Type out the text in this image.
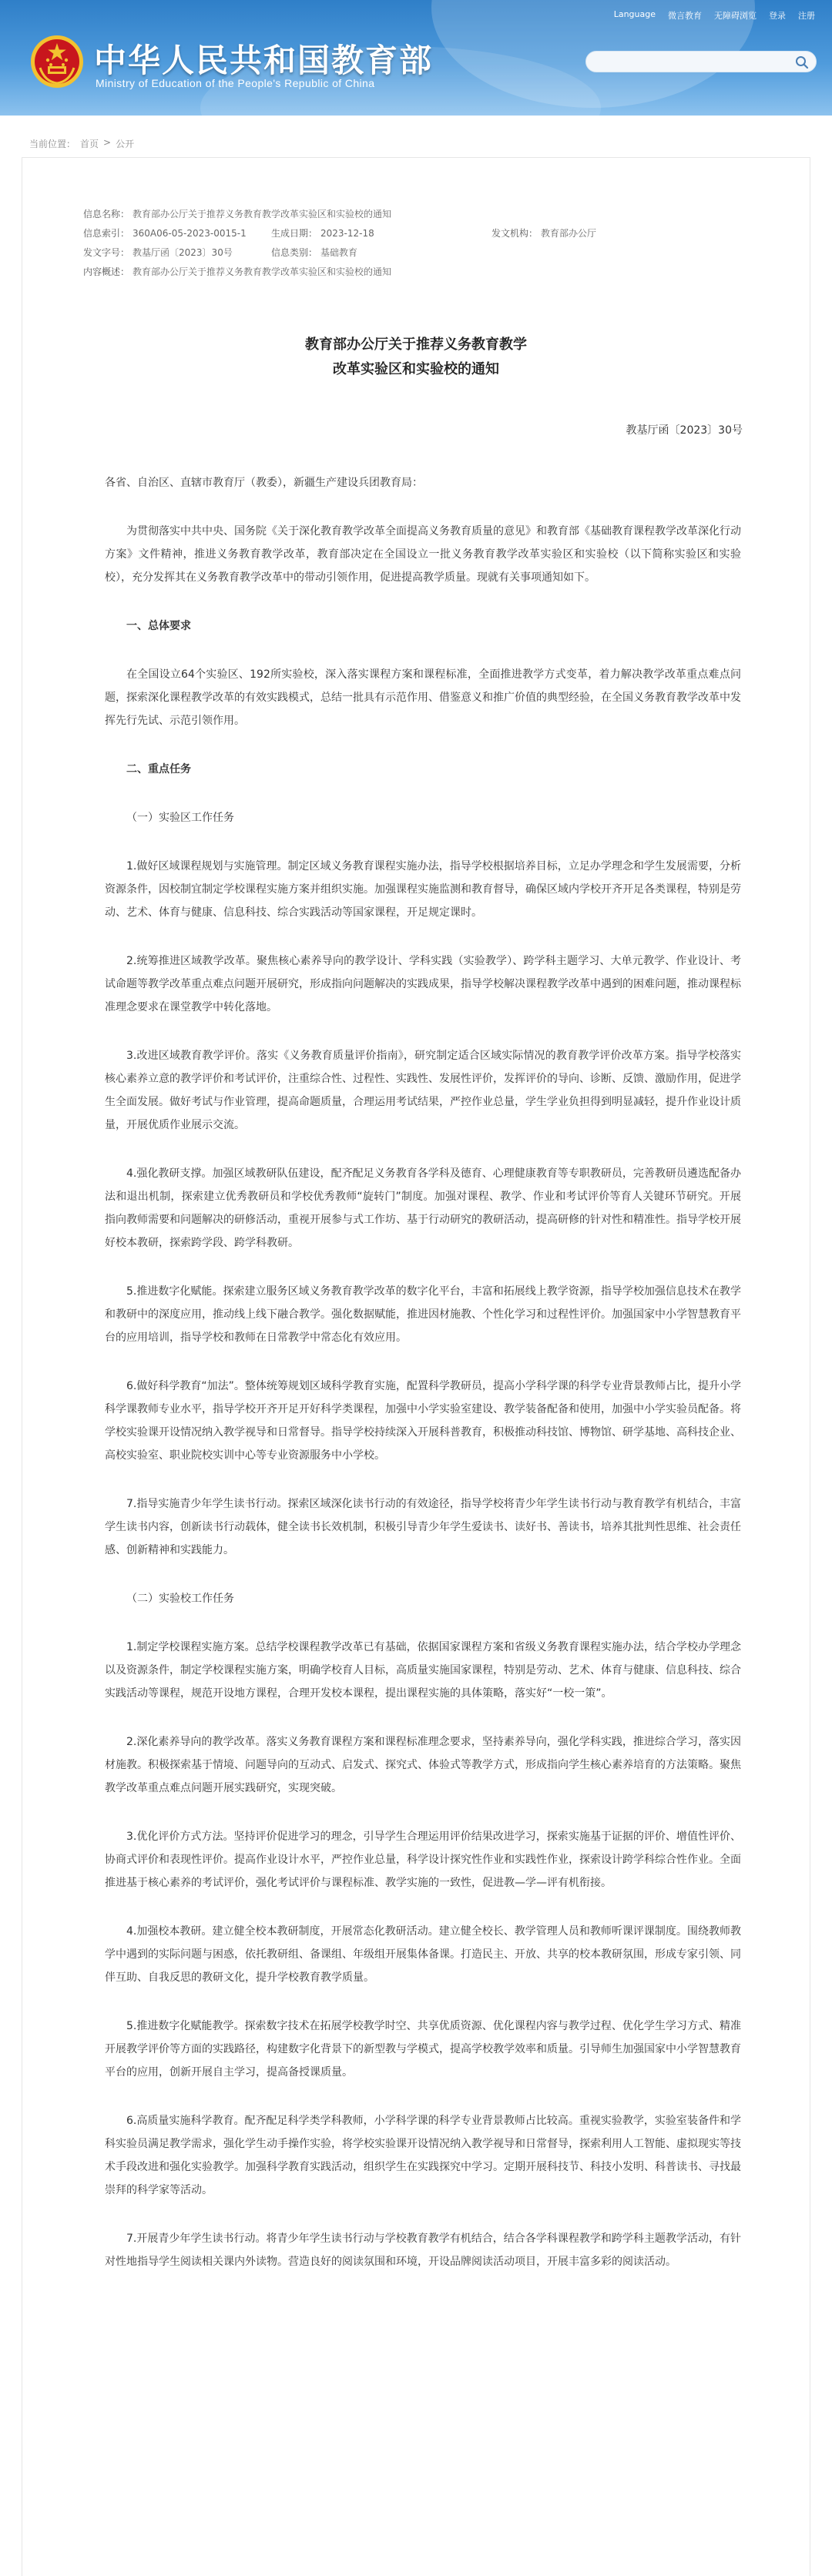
中华人民共和国教育部
Ministry of Education of the People's Republic of China
Language 微言教育 无障碍浏览 登录 注册
当前位置： 首页 > 公开
信息名称： 教育部办公厅关于推荐义务教育教学改革实验区和实验校的通知
信息索引： 360A06-05-2023-0015-1	生成日期： 2023-12-18	发文机构： 教育部办公厅
发文字号： 教基厅函〔2023〕30号	信息类别： 基础教育
内容概述： 教育部办公厅关于推荐义务教育教学改革实验区和实验校的通知
教育部办公厅关于推荐义务教育教学
改革实验区和实验校的通知
教基厅函〔2023〕30号

各省、自治区、直辖市教育厅（教委），新疆生产建设兵团教育局：

为贯彻落实中共中央、国务院《关于深化教育教学改革全面提高义务教育质量的意见》和教育部《基础教育课程教学改革深化行动方案》文件精神，推进义务教育教学改革，教育部决定在全国设立一批义务教育教学改革实验区和实验校（以下简称实验区和实验校），充分发挥其在义务教育教学改革中的带动引领作用，促进提高教学质量。现就有关事项通知如下。

一、总体要求

在全国设立64个实验区、192所实验校，深入落实课程方案和课程标准，全面推进教学方式变革，着力解决教学改革重点难点问题，探索深化课程教学改革的有效实践模式，总结一批具有示范作用、借鉴意义和推广价值的典型经验，在全国义务教育教学改革中发挥先行先试、示范引领作用。

二、重点任务

（一）实验区工作任务

1.做好区域课程规划与实施管理。制定区域义务教育课程实施办法，指导学校根据培养目标，立足办学理念和学生发展需要，分析资源条件，因校制宜制定学校课程实施方案并组织实施。加强课程实施监测和教育督导，确保区域内学校开齐开足各类课程，特别是劳动、艺术、体育与健康、信息科技、综合实践活动等国家课程，开足规定课时。

2.统筹推进区域教学改革。聚焦核心素养导向的教学设计、学科实践（实验教学）、跨学科主题学习、大单元教学、作业设计、考试命题等教学改革重点难点问题开展研究，形成指向问题解决的实践成果，指导学校解决课程教学改革中遇到的困难问题，推动课程标准理念要求在课堂教学中转化落地。

3.改进区域教育教学评价。落实《义务教育质量评价指南》，研究制定适合区域实际情况的教育教学评价改革方案。指导学校落实核心素养立意的教学评价和考试评价，注重综合性、过程性、实践性、发展性评价，发挥评价的导向、诊断、反馈、激励作用，促进学生全面发展。做好考试与作业管理，提高命题质量，合理运用考试结果，严控作业总量，学生学业负担得到明显减轻，提升作业设计质量，开展优质作业展示交流。

4.强化教研支撑。加强区域教研队伍建设，配齐配足义务教育各学科及德育、心理健康教育等专职教研员，完善教研员遴选配备办法和退出机制，探索建立优秀教研员和学校优秀教师“旋转门”制度。加强对课程、教学、作业和考试评价等育人关键环节研究。开展指向教师需要和问题解决的研修活动，重视开展参与式工作坊、基于行动研究的教研活动，提高研修的针对性和精准性。指导学校开展好校本教研，探索跨学段、跨学科教研。

5.推进数字化赋能。探索建立服务区域义务教育教学改革的数字化平台，丰富和拓展线上教学资源，指导学校加强信息技术在教学和教研中的深度应用，推动线上线下融合教学。强化数据赋能，推进因材施教、个性化学习和过程性评价。加强国家中小学智慧教育平台的应用培训，指导学校和教师在日常教学中常态化有效应用。

6.做好科学教育“加法”。整体统筹规划区域科学教育实施，配置科学教研员，提高小学科学课的科学专业背景教师占比，提升小学科学课教师专业水平，指导学校开齐开足开好科学类课程，加强中小学实验室建设、教学装备配备和使用，加强中小学实验员配备。将学校实验课开设情况纳入教学视导和日常督导。指导学校持续深入开展科普教育，积极推动科技馆、博物馆、研学基地、高科技企业、高校实验室、职业院校实训中心等专业资源服务中小学校。

7.指导实施青少年学生读书行动。探索区域深化读书行动的有效途径，指导学校将青少年学生读书行动与教育教学有机结合，丰富学生读书内容，创新读书行动载体，健全读书长效机制，积极引导青少年学生爱读书、读好书、善读书，培养其批判性思维、社会责任感、创新精神和实践能力。

（二）实验校工作任务

1.制定学校课程实施方案。总结学校课程教学改革已有基础，依据国家课程方案和省级义务教育课程实施办法，结合学校办学理念以及资源条件，制定学校课程实施方案，明确学校育人目标，高质量实施国家课程，特别是劳动、艺术、体育与健康、信息科技、综合实践活动等课程，规范开设地方课程，合理开发校本课程，提出课程实施的具体策略，落实好“一校一策”。

2.深化素养导向的教学改革。落实义务教育课程方案和课程标准理念要求，坚持素养导向，强化学科实践，推进综合学习，落实因材施教。积极探索基于情境、问题导向的互动式、启发式、探究式、体验式等教学方式，形成指向学生核心素养培育的方法策略。聚焦教学改革重点难点问题开展实践研究，实现突破。

3.优化评价方式方法。坚持评价促进学习的理念，引导学生合理运用评价结果改进学习，探索实施基于证据的评价、增值性评价、协商式评价和表现性评价。提高作业设计水平，严控作业总量，科学设计探究性作业和实践性作业，探索设计跨学科综合性作业。全面推进基于核心素养的考试评价，强化考试评价与课程标准、教学实施的一致性，促进教—学—评有机衔接。

4.加强校本教研。建立健全校本教研制度，开展常态化教研活动。建立健全校长、教学管理人员和教师听课评课制度。围绕教师教学中遇到的实际问题与困惑，依托教研组、备课组、年级组开展集体备课。打造民主、开放、共享的校本教研氛围，形成专家引领、同伴互助、自我反思的教研文化，提升学校教育教学质量。

5.推进数字化赋能教学。探索数字技术在拓展学校教学时空、共享优质资源、优化课程内容与教学过程、优化学生学习方式、精准开展教学评价等方面的实践路径，构建数字化背景下的新型教与学模式，提高学校教学效率和质量。引导师生加强国家中小学智慧教育平台的应用，创新开展自主学习，提高备授课质量。

6.高质量实施科学教育。配齐配足科学类学科教师，小学科学课的科学专业背景教师占比较高。重视实验教学，实验室装备件和学科实验员满足教学需求，强化学生动手操作实验，将学校实验课开设情况纳入教学视导和日常督导，探索利用人工智能、虚拟现实等技术手段改进和强化实验教学。加强科学教育实践活动，组织学生在实践探究中学习。定期开展科技节、科技小发明、科普读书、寻找最崇拜的科学家等活动。

7.开展青少年学生读书行动。将青少年学生读书行动与学校教育教学有机结合，结合各学科课程教学和跨学科主题教学活动，有针对性地指导学生阅读相关课内外读物。营造良好的阅读氛围和环境，开设品牌阅读活动项目，开展丰富多彩的阅读活动。
